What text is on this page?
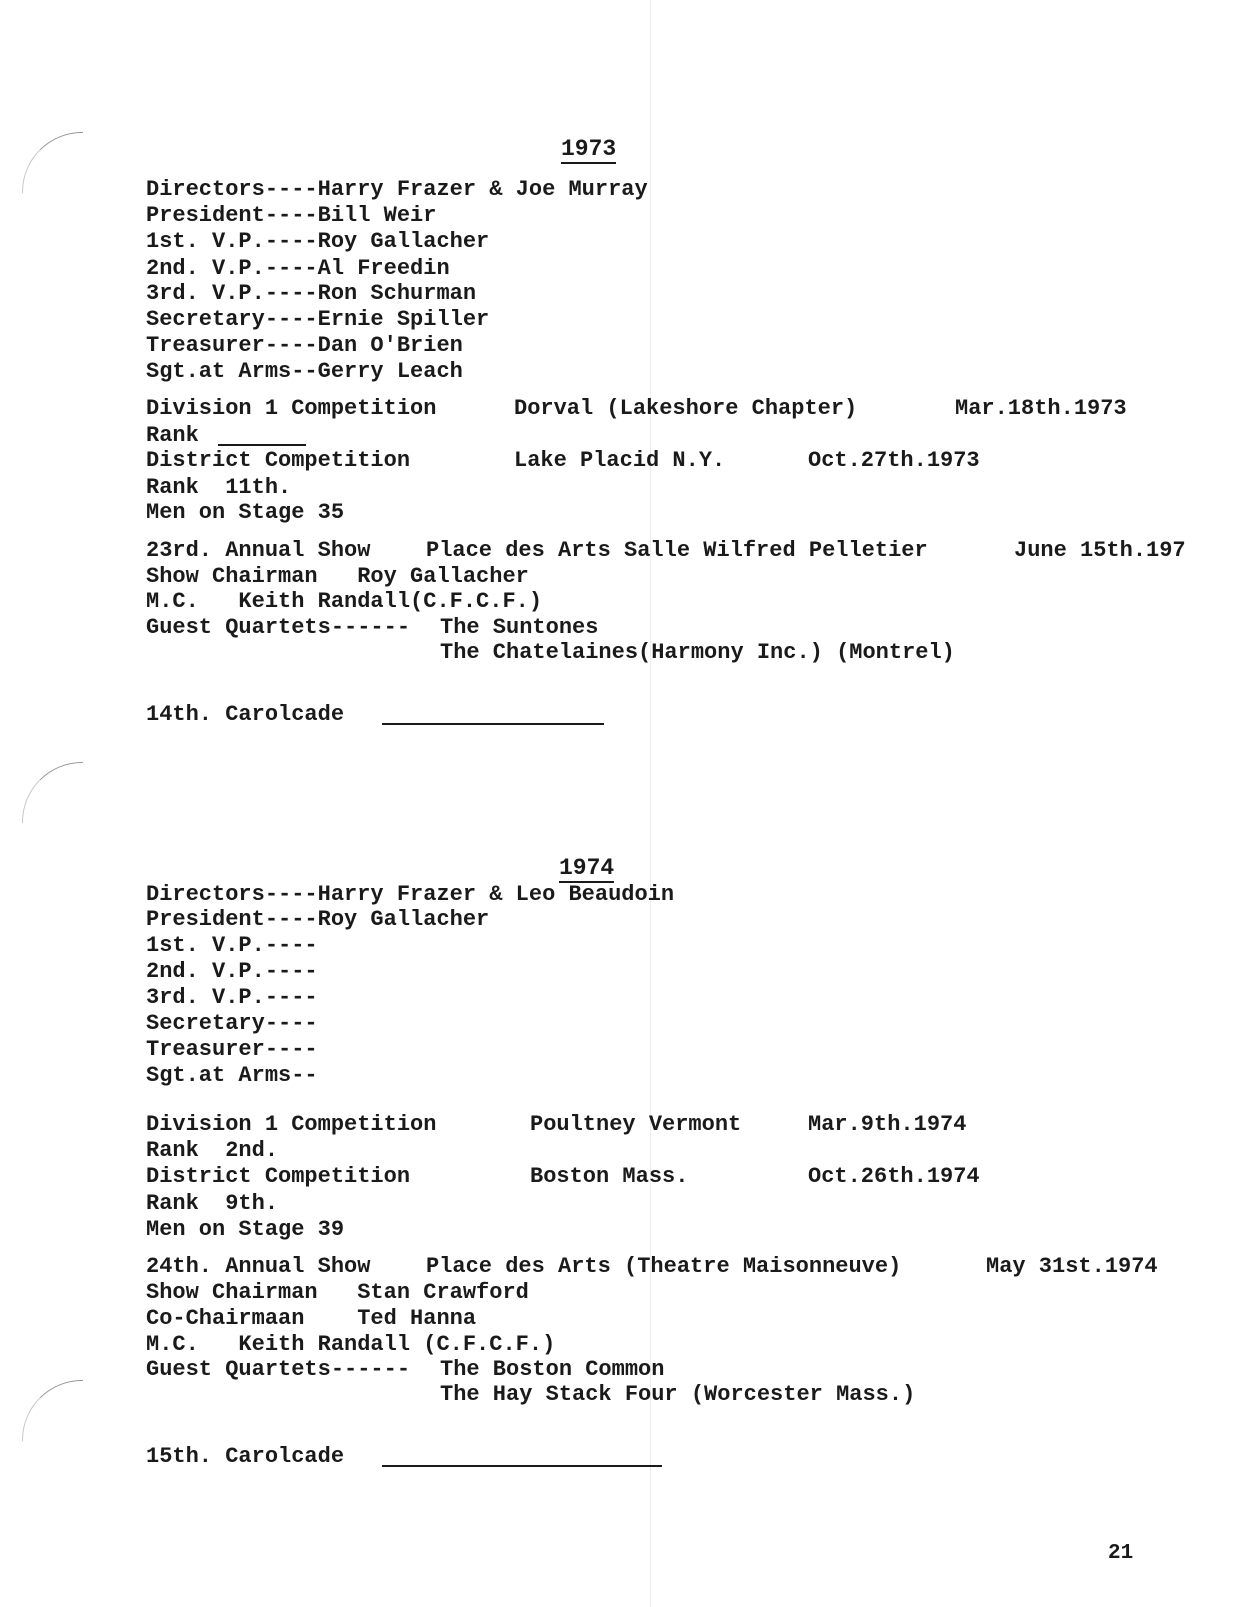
1973
Directors----Harry Frazer & Joe Murray
President----Bill Weir
1st. V.P.----Roy Gallacher
2nd. V.P.----Al Freedin
3rd. V.P.----Ron Schurman
Secretary----Ernie Spiller
Treasurer----Dan O'Brien
Sgt.at Arms--Gerry Leach
Division 1 Competition	Dorval (Lakeshore Chapter)	Mar.18th.1973
Rank
District Competition	Lake Placid N.Y.	Oct.27th.1973
Rank  11th.
Men on Stage 35
23rd. Annual Show	Place des Arts Salle Wilfred Pelletier	June 15th.197
Show Chairman   Roy Gallacher
M.C.   Keith Randall(C.F.C.F.)
Guest Quartets------ The Suntones
The Chatelaines(Harmony Inc.) (Montrel)
14th. Carolcade
1974
Directors----Harry Frazer & Leo Beaudoin
President----Roy Gallacher
1st. V.P.----
2nd. V.P.----
3rd. V.P.----
Secretary----
Treasurer----
Sgt.at Arms--
Division 1 Competition	Poultney Vermont	Mar.9th.1974
Rank  2nd.
District Competition	Boston Mass.	Oct.26th.1974
Rank  9th.
Men on Stage 39
24th. Annual Show	Place des Arts (Theatre Maisonneuve)	May 31st.1974
Show Chairman   Stan Crawford
Co-Chairmaan    Ted Hanna
M.C.   Keith Randall (C.F.C.F.)
Guest Quartets------ The Boston Common
The Hay Stack Four (Worcester Mass.)
15th. Carolcade
21
